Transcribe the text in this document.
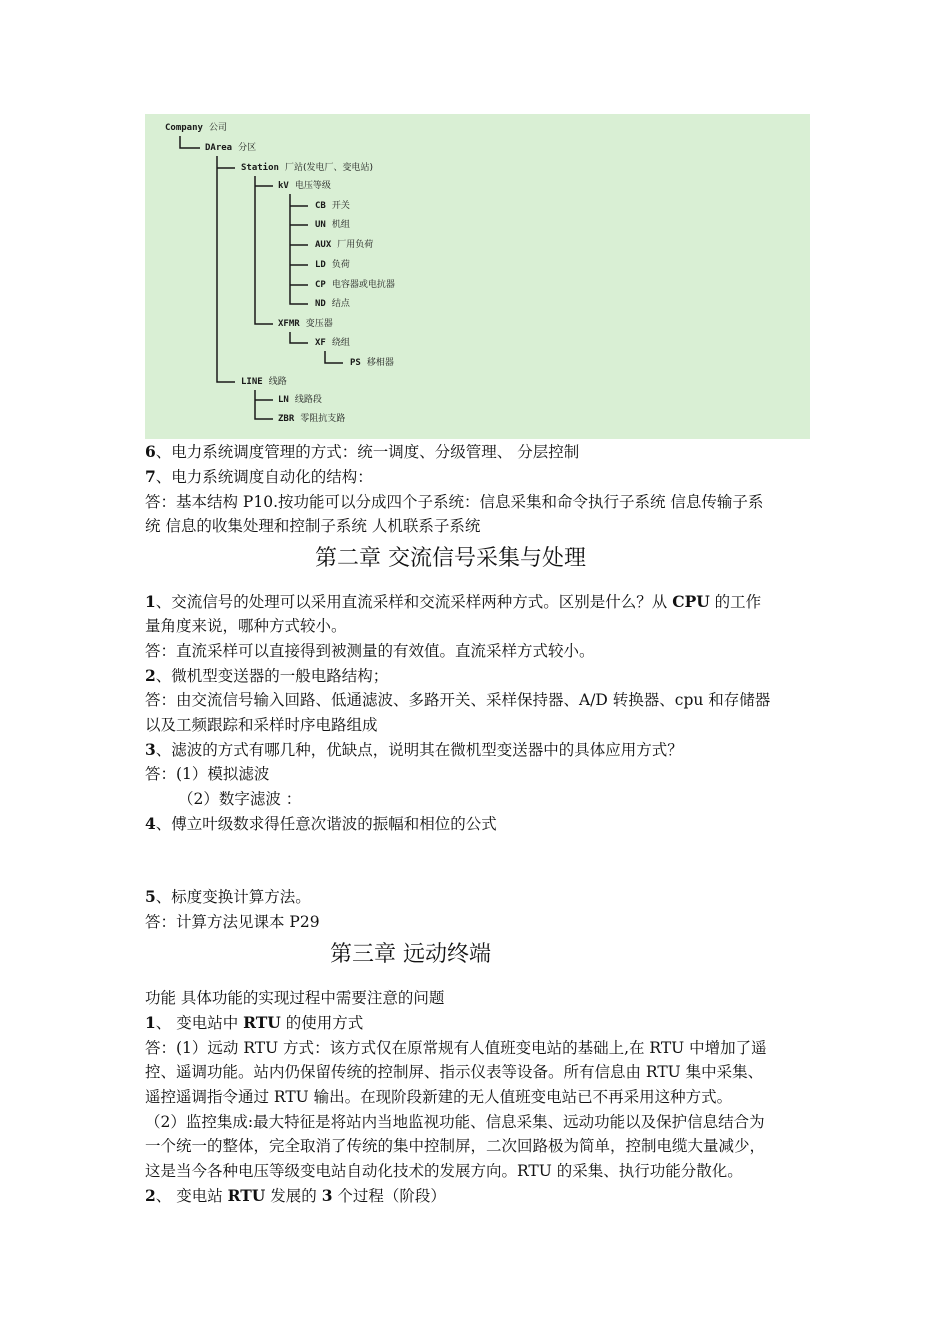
Company 公司
DArea 分区
Station 厂站(发电厂、变电站)
kV 电压等级
CB 开关
UN 机组
AUX 厂用负荷
LD 负荷
CP 电容器或电抗器
ND 结点
XFMR 变压器
XF 绕组
PS 移相器
LINE 线路
LN 线路段
ZBR 零阻抗支路
6、电力系统调度管理的方式：统一调度、分级管理、 分层控制
7、电力系统调度自动化的结构：
答：基本结构 P10.按功能可以分成四个子系统：信息采集和命令执行子系统 信息传输子系
统 信息的收集处理和控制子系统 人机联系子系统
第二章 交流信号采集与处理
1、交流信号的处理可以采用直流采样和交流采样两种方式。区别是什么？从 CPU 的工作
量角度来说，哪种方式较小。
答：直流采样可以直接得到被测量的有效值。直流采样方式较小。
2、微机型变送器的一般电路结构；
答：由交流信号输入回路、低通滤波、多路开关、采样保持器、A/D 转换器、cpu 和存储器
以及工频跟踪和采样时序电路组成
3、滤波的方式有哪几种，优缺点，说明其在微机型变送器中的具体应用方式？
答：(1）模拟滤波
（2）数字滤波 ：
4、傅立叶级数求得任意次谐波的振幅和相位的公式
5、标度变换计算方法。
答：计算方法见课本 P29
第三章 远动终端
功能 具体功能的实现过程中需要注意的问题
1、 变电站中 RTU 的使用方式
答：(1）远动 RTU 方式：该方式仅在原常规有人值班变电站的基础上,在 RTU 中增加了遥
控、遥调功能。站内仍保留传统的控制屏、指示仪表等设备。所有信息由 RTU 集中采集、
遥控遥调指令通过 RTU 输出。在现阶段新建的无人值班变电站已不再采用这种方式。
（2）监控集成:最大特征是将站内当地监视功能、信息采集、远动功能以及保护信息结合为
一个统一的整体，完全取消了传统的集中控制屏，二次回路极为简单，控制电缆大量减少，
这是当今各种电压等级变电站自动化技术的发展方向。RTU 的采集、执行功能分散化。
2、 变电站 RTU 发展的 3 个过程（阶段）
